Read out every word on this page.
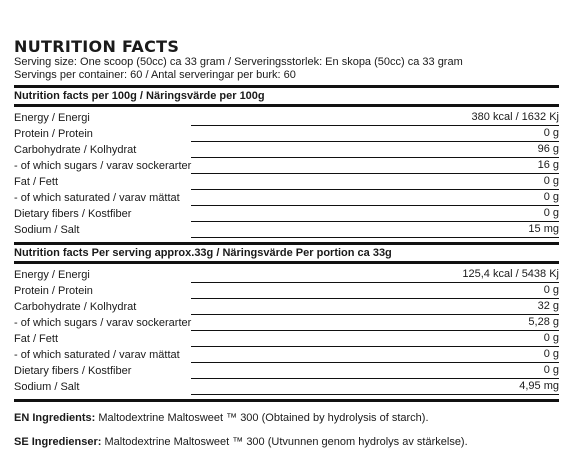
NUTRITION FACTS
Serving size: One scoop (50cc) ca 33 gram / Serveringsstorlek: En skopa (50cc) ca 33 gram
Servings per container: 60 / Antal serveringar per burk: 60
Nutrition facts per 100g / Näringsvärde per 100g
Energy / Energi		380 kcal / 1632 Kj
Protein / Protein		0 g
Carbohydrate / Kolhydrat		96 g
- of which sugars / varav sockerarter		16 g
Fat / Fett		0 g
- of which saturated / varav mättat		0 g
Dietary fibers / Kostfiber		0 g
Sodium / Salt		15 mg
Nutrition facts Per serving approx.33g / Näringsvärde Per portion ca 33g
Energy / Energi		125,4 kcal / 5438 Kj
Protein / Protein		0 g
Carbohydrate / Kolhydrat		32 g
- of which sugars / varav sockerarter		5,28 g
Fat / Fett		0 g
- of which saturated / varav mättat		0 g
Dietary fibers / Kostfiber		0 g
Sodium / Salt		4,95 mg
EN Ingredients: Maltodextrine Maltosweet ™ 300 (Obtained by hydrolysis of starch).
SE Ingredienser: Maltodextrine Maltosweet ™ 300 (Utvunnen genom hydrolys av stärkelse).
